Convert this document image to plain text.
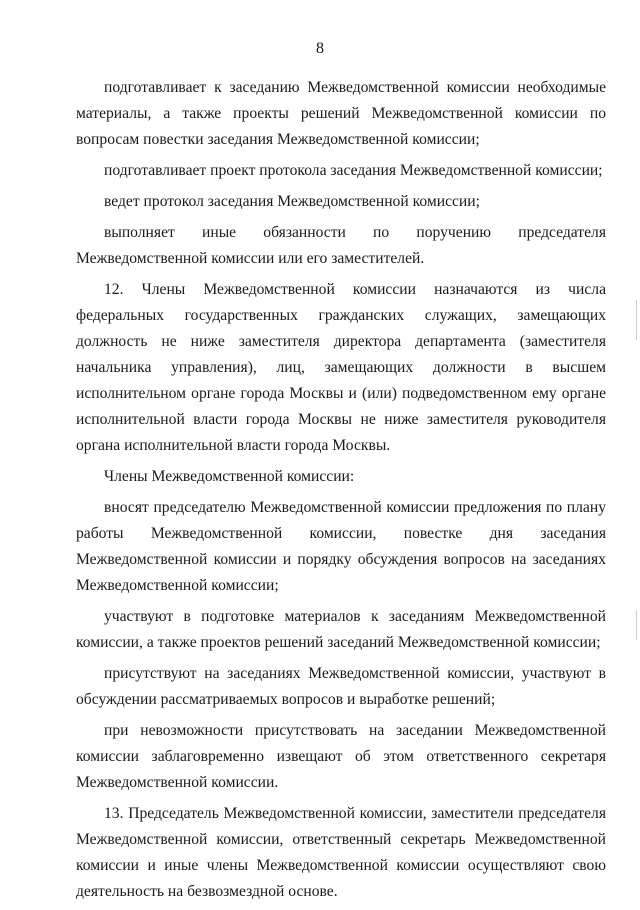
8

подготавливает к заседанию Межведомственной комиссии необходимые материалы, а также проекты решений Межведомственной комиссии по вопросам повестки заседания Межведомственной комиссии;

подготавливает проект протокола заседания Межведомственной комиссии;

ведет протокол заседания Межведомственной комиссии;

выполняет иные обязанности по поручению председателя Межведомственной комиссии или его заместителей.

12. Члены Межведомственной комиссии назначаются из числа федеральных государственных гражданских служащих, замещающих должность не ниже заместителя директора департамента (заместителя начальника управления), лиц, замещающих должности в высшем исполнительном органе города Москвы и (или) подведомственном ему органе исполнительной власти города Москвы не ниже заместителя руководителя органа исполнительной власти города Москвы.

Члены Межведомственной комиссии:

вносят председателю Межведомственной комиссии предложения по плану работы Межведомственной комиссии, повестке дня заседания Межведомственной комиссии и порядку обсуждения вопросов на заседаниях Межведомственной комиссии;

участвуют в подготовке материалов к заседаниям Межведомственной комиссии, а также проектов решений заседаний Межведомственной комиссии;

присутствуют на заседаниях Межведомственной комиссии, участвуют в обсуждении рассматриваемых вопросов и выработке решений;

при невозможности присутствовать на заседании Межведомственной комиссии заблаговременно извещают об этом ответственного секретаря Межведомственной комиссии.

13. Председатель Межведомственной комиссии, заместители председателя Межведомственной комиссии, ответственный секретарь Межведомственной комиссии и иные члены Межведомственной комиссии осуществляют свою деятельность на безвозмездной основе.
